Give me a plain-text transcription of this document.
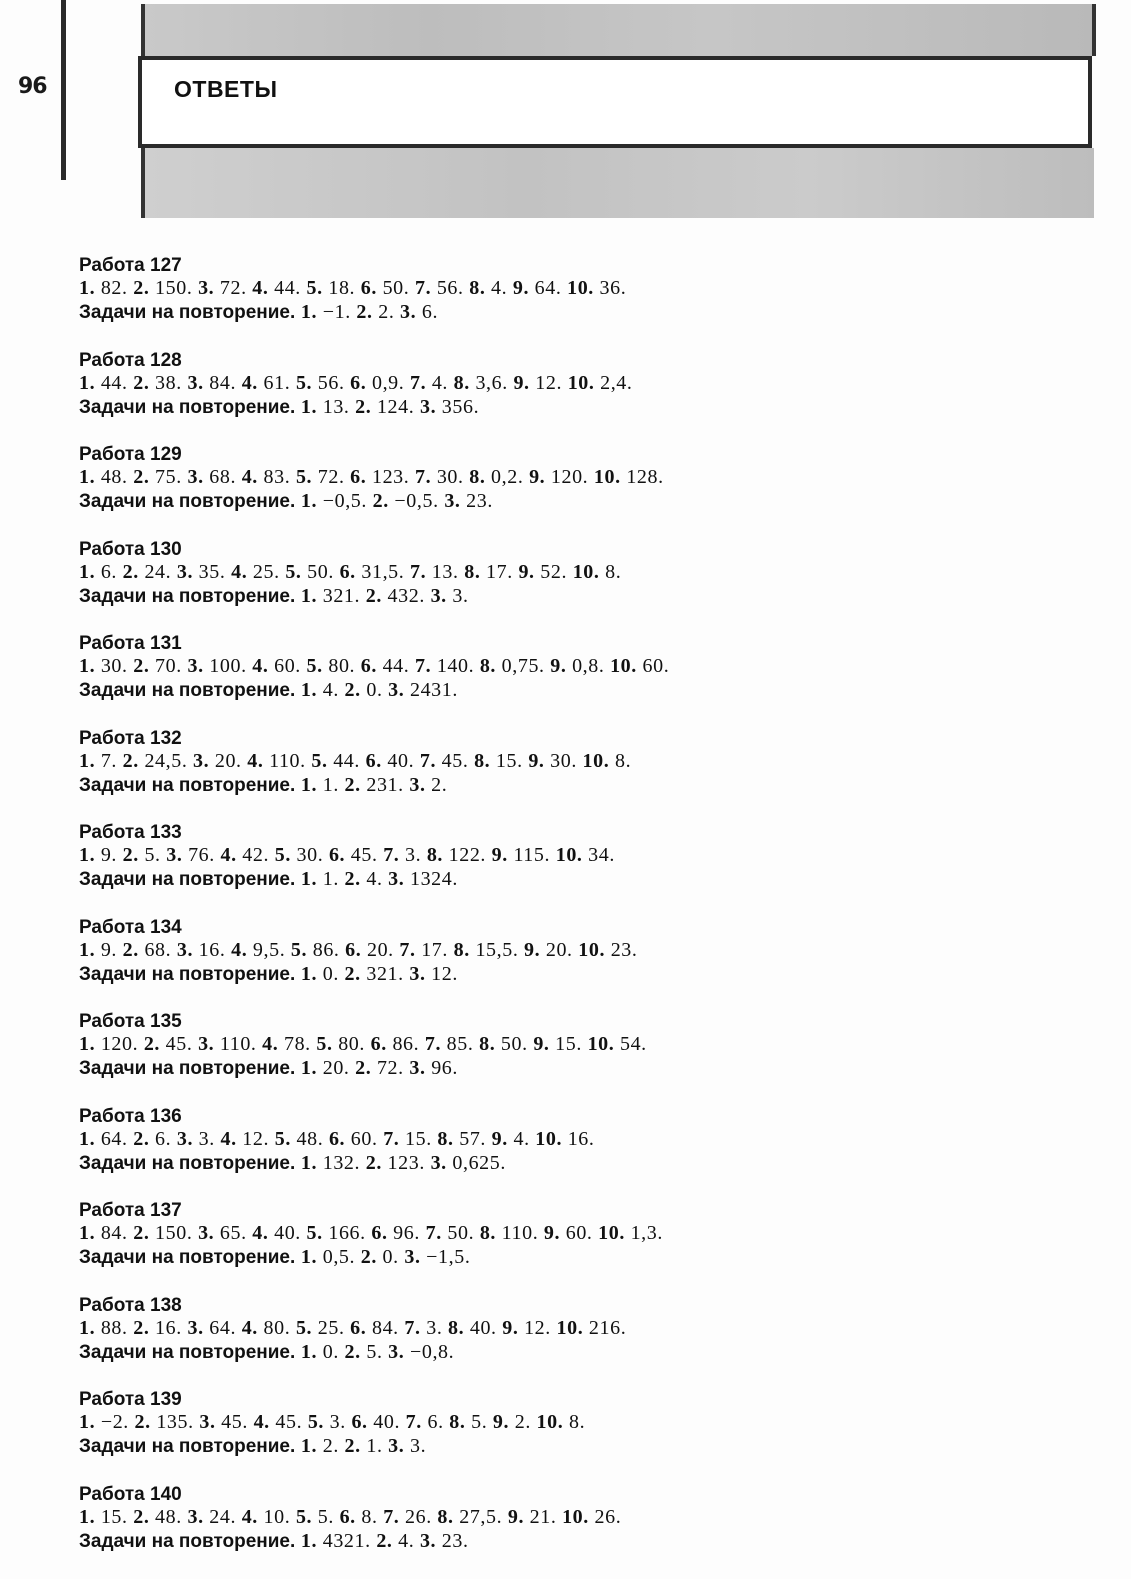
96	ОТВЕТЫ
Работа 127
1. 82. 2. 150. 3. 72. 4. 44. 5. 18. 6. 50. 7. 56. 8. 4. 9. 64. 10. 36.
Задачи на повторение. 1. −1. 2. 2. 3. 6.
Работа 128
1. 44. 2. 38. 3. 84. 4. 61. 5. 56. 6. 0,9. 7. 4. 8. 3,6. 9. 12. 10. 2,4.
Задачи на повторение. 1. 13. 2. 124. 3. 356.
Работа 129
1. 48. 2. 75. 3. 68. 4. 83. 5. 72. 6. 123. 7. 30. 8. 0,2. 9. 120. 10. 128.
Задачи на повторение. 1. −0,5. 2. −0,5. 3. 23.
Работа 130
1. 6. 2. 24. 3. 35. 4. 25. 5. 50. 6. 31,5. 7. 13. 8. 17. 9. 52. 10. 8.
Задачи на повторение. 1. 321. 2. 432. 3. 3.
Работа 131
1. 30. 2. 70. 3. 100. 4. 60. 5. 80. 6. 44. 7. 140. 8. 0,75. 9. 0,8. 10. 60.
Задачи на повторение. 1. 4. 2. 0. 3. 2431.
Работа 132
1. 7. 2. 24,5. 3. 20. 4. 110. 5. 44. 6. 40. 7. 45. 8. 15. 9. 30. 10. 8.
Задачи на повторение. 1. 1. 2. 231. 3. 2.
Работа 133
1. 9. 2. 5. 3. 76. 4. 42. 5. 30. 6. 45. 7. 3. 8. 122. 9. 115. 10. 34.
Задачи на повторение. 1. 1. 2. 4. 3. 1324.
Работа 134
1. 9. 2. 68. 3. 16. 4. 9,5. 5. 86. 6. 20. 7. 17. 8. 15,5. 9. 20. 10. 23.
Задачи на повторение. 1. 0. 2. 321. 3. 12.
Работа 135
1. 120. 2. 45. 3. 110. 4. 78. 5. 80. 6. 86. 7. 85. 8. 50. 9. 15. 10. 54.
Задачи на повторение. 1. 20. 2. 72. 3. 96.
Работа 136
1. 64. 2. 6. 3. 3. 4. 12. 5. 48. 6. 60. 7. 15. 8. 57. 9. 4. 10. 16.
Задачи на повторение. 1. 132. 2. 123. 3. 0,625.
Работа 137
1. 84. 2. 150. 3. 65. 4. 40. 5. 166. 6. 96. 7. 50. 8. 110. 9. 60. 10. 1,3.
Задачи на повторение. 1. 0,5. 2. 0. 3. −1,5.
Работа 138
1. 88. 2. 16. 3. 64. 4. 80. 5. 25. 6. 84. 7. 3. 8. 40. 9. 12. 10. 216.
Задачи на повторение. 1. 0. 2. 5. 3. −0,8.
Работа 139
1. −2. 2. 135. 3. 45. 4. 45. 5. 3. 6. 40. 7. 6. 8. 5. 9. 2. 10. 8.
Задачи на повторение. 1. 2. 2. 1. 3. 3.
Работа 140
1. 15. 2. 48. 3. 24. 4. 10. 5. 5. 6. 8. 7. 26. 8. 27,5. 9. 21. 10. 26.
Задачи на повторение. 1. 4321. 2. 4. 3. 23.
